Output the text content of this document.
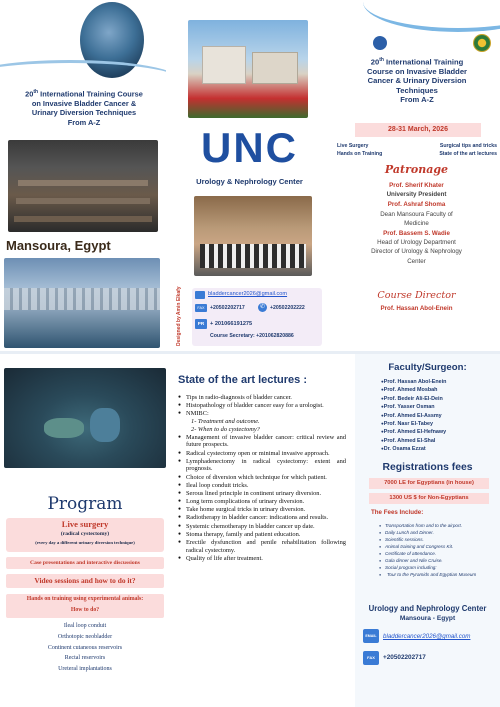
20th International Training Course
on Invasive Bladder Cancer &
Urinary Diversion Techniques
From A-Z
Mansoura, Egypt
UNC
Urology & Nephrology Center
Designed by Amin Elkafy	bladdercancer2026@gmail.com
FAX	+20502202717	✆ +20502202222
PR	+ 201066191275
Course Secretary: +201062820886
20th International Training
Course on Invasive Bladder
Cancer & Urinary Diversion
Techniques
From A-Z
28-31 March, 2026
Live Surgery	Surgical tips and tricks
Hands on Training	State of the art lectures
Patronage
Prof. Sherif Khater
University President
Prof. Ashraf Shoma
Dean Mansoura Faculty of
Medicine
Prof. Bassem S. Wadie
Head of Urology Department
Director of Urology & Nephrology
Center
Course Director
Prof. Hassan Abol-Enein
Program
Live surgery
(radical cystectomy)
(every day a different urinary diversion technique)
Case presentations and interactive discussions
Video sessions and how to do it?
Hands on training using experimental animals:
How to do?
Ileal loop conduit
Orthotopic neobladder
Continent cutaneous reservoirs
Rectal reservoirs
Ureteral implantations
State of the art lectures :
● Tips in radio-diagnosis of bladder cancer.
● Histopathology of bladder cancer easy for a urologist.
● NMIBC:
1- Treatment and outcome.
2- When to do cystectomy?
● Management of invasive bladder cancer: critical review and future prospects.
● Radical cystectomy open or minimal invasive approach.
● Lymphadenectomy in radical cystectomy: extent and prognosis.
● Choice of diversion which technique for which patient.
● Ileal loop conduit tricks.
● Serous lined principle in continent urinary diversion.
● Long term complications of urinary diversion.
● Take home surgical tricks in urinary diversion.
● Radiotherapy in bladder cancer: indications and results.
● Systemic chemotherapy in bladder cancer up date.
● Stoma therapy, family and patient education.
● Erectile dysfunction and penile rehabilitation following radical cystectomy.
● Quality of life after treatment.
Faculty/Surgeon:
● Prof. Hassan Abol-Enein
● Prof. Ahmed Mosbah
● Prof. Bedeir Ali-El-Dein
● Prof. Yasser Osman
● Prof. Ahmed El-Assmy
● Prof. Nasr El-Tabey
● Prof. Ahmed El-Hefnawy
● Prof. Ahmed El-Shal
● Dr. Osama Ezzat
Registrations fees
7000 LE for Egyptians (in house)
1300 US $ for Non-Egyptians
The Fees Include:
● Transportation from and to the airport.
● Daily Lunch and Dinner.
● Scientific sessions.
● Animal training and Congress Kit.
● Certificate of attendance.
● Gala dinner and Nile Cruise.
● Social program including:
● Tour to the Pyramids and Egyptian Museum
Urology and Nephrology Center
Mansoura - Egypt
EMAIL	bladdercancer2026@gmail.com
FAX	+20502202717
